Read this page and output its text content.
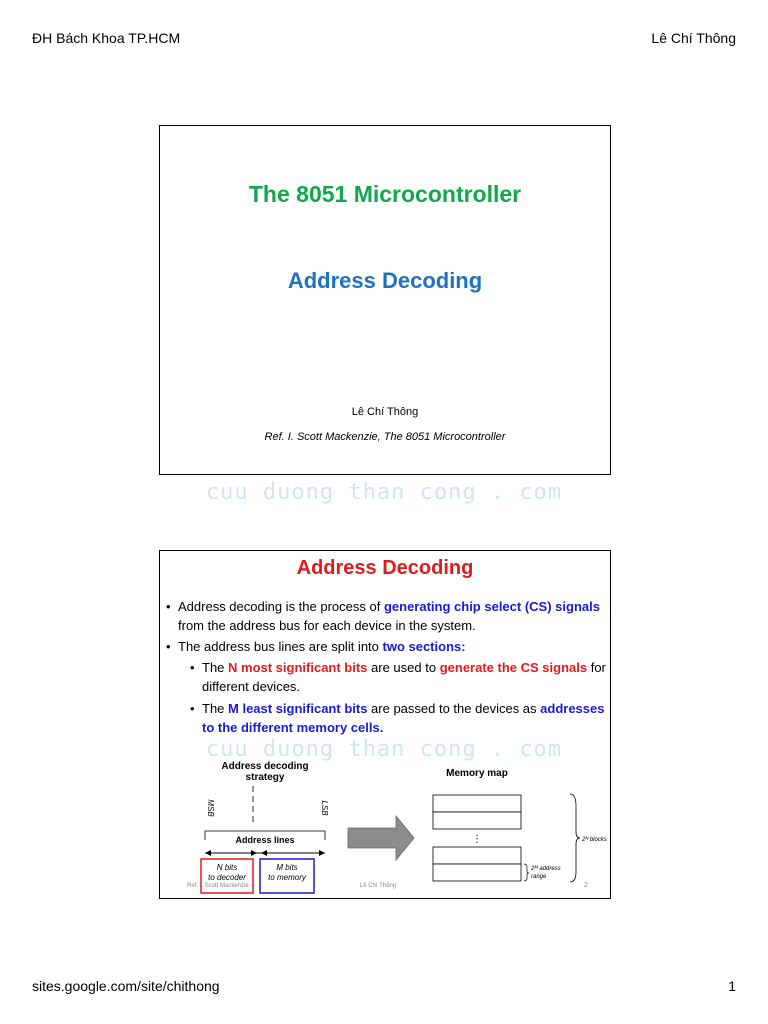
ĐH Bách Khoa TP.HCM	Lê Chí Thông
The 8051 Microcontroller
Address Decoding
Lê Chí Thông
Ref. I. Scott Mackenzie, The 8051 Microcontroller
cuu duong than cong . com
Address Decoding
• Address decoding is the process of generating chip select (CS) signals from the address bus for each device in the system.
• The address bus lines are split into two sections:
• The N most significant bits are used to generate the CS signals for different devices.
• The M least significant bits are passed to the devices as addresses to the different memory cells.
Address decoding
strategy
MSB	LSB
Address lines
N bits
to decoder
M bits
to memory
Memory map
⋮	2ᴺ blocks
2ᴹ address
range
Ref. I. Scott Mackenzie	Lê Chí Thông	2
cuu duong than cong . com
sites.google.com/site/chithong	1
